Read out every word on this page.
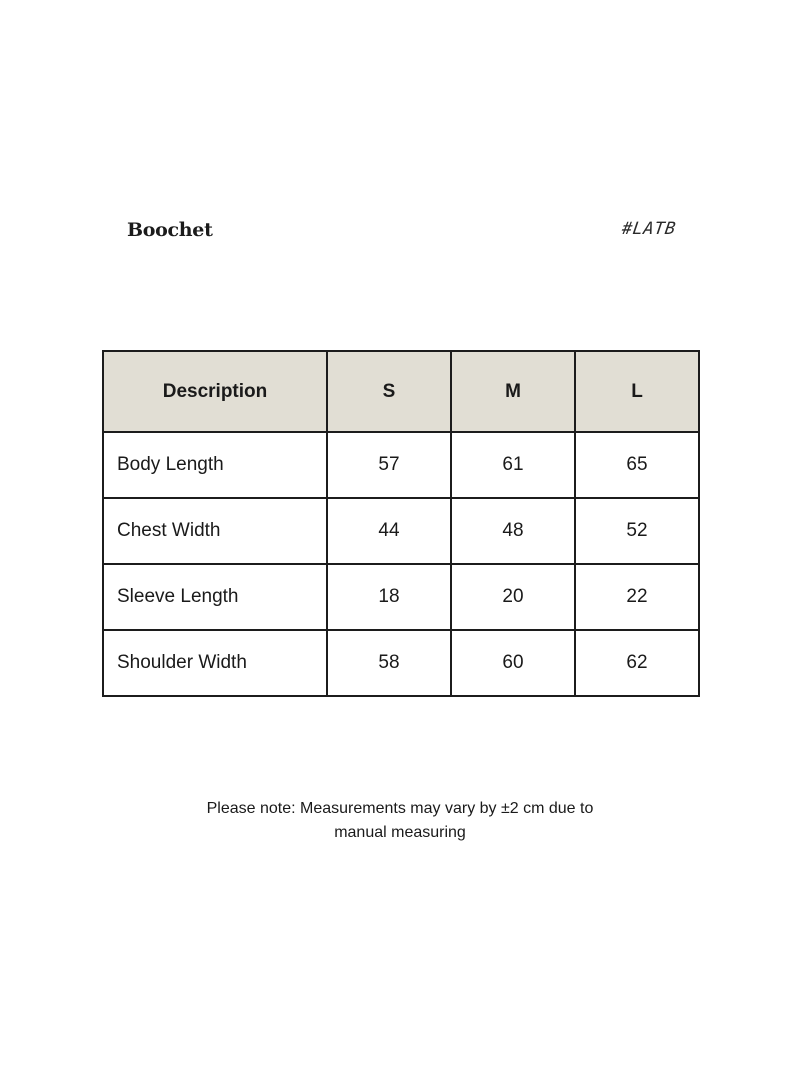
Boochet	#LATB
Description	S	M	L
Body Length	57	61	65
Chest Width	44	48	52
Sleeve Length	18	20	22
Shoulder Width	58	60	62
Please note: Measurements may vary by ±2 cm due to
manual measuring
